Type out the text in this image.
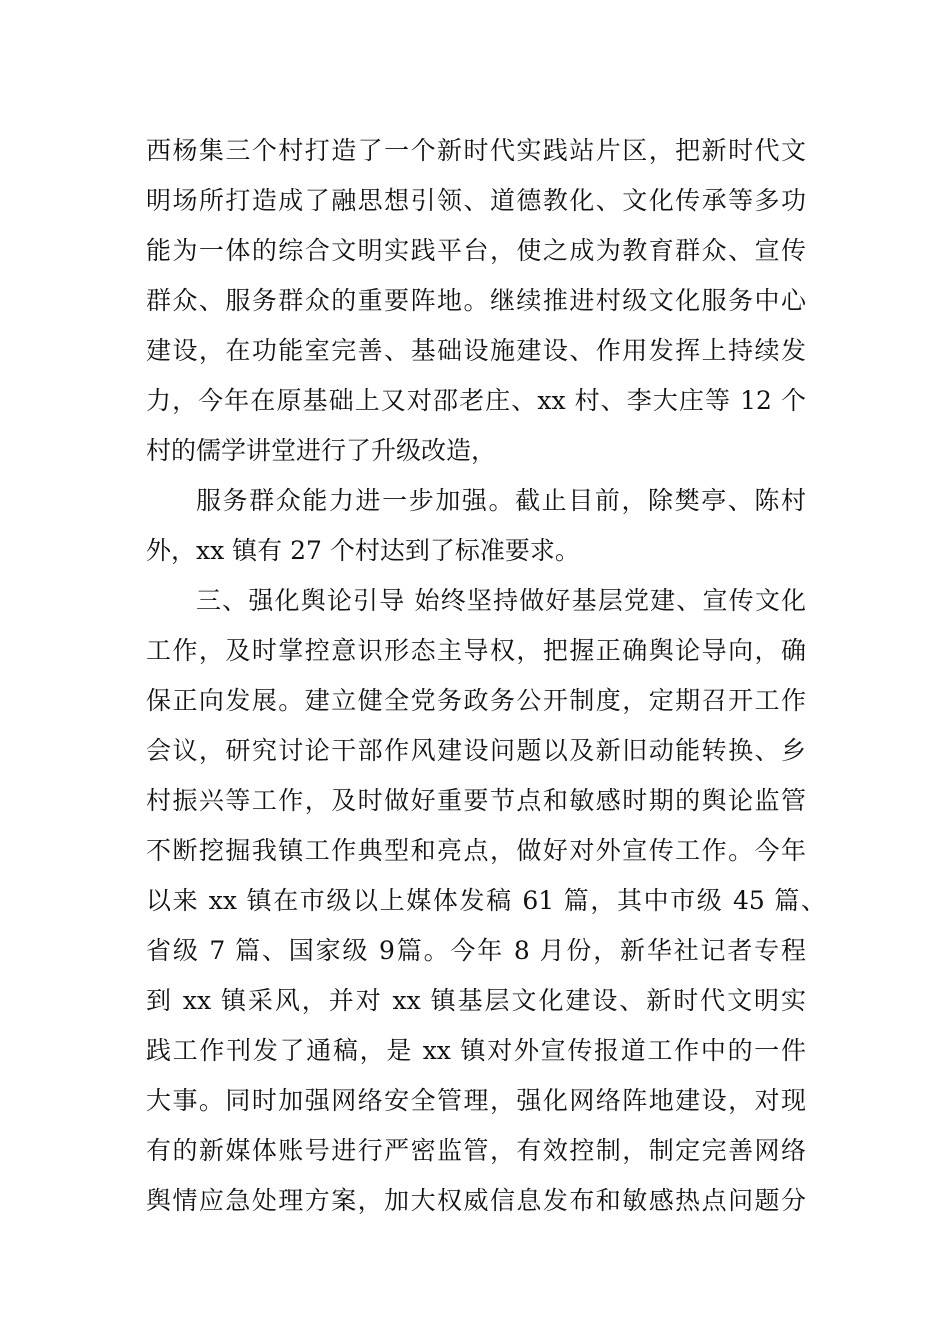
西杨集三个村打造了一个新时代实践站片区，把新时代文
明场所打造成了融思想引领、道德教化、文化传承等多功
能为一体的综合文明实践平台，使之成为教育群众、宣传
群众、服务群众的重要阵地。继续推进村级文化服务中心
建设，在功能室完善、基础设施建设、作用发挥上持续发
力，今年在原基础上又对邵老庄、xx 村、李大庄等 12 个
村的儒学讲堂进行了升级改造，
服务群众能力进一步加强。截止目前，除樊亭、陈村
外，xx 镇有 27 个村达到了标准要求。
三、强化舆论引导 始终坚持做好基层党建、宣传文化
工作，及时掌控意识形态主导权，把握正确舆论导向，确
保正向发展。建立健全党务政务公开制度，定期召开工作
会议，研究讨论干部作风建设问题以及新旧动能转换、乡
村振兴等工作，及时做好重要节点和敏感时期的舆论监管
不断挖掘我镇工作典型和亮点，做好对外宣传工作。今年
以来 xx 镇在市级以上媒体发稿 61 篇，其中市级 45 篇、
省级 7 篇、国家级 9篇。今年 8 月份，新华社记者专程
到 xx 镇采风，并对 xx 镇基层文化建设、新时代文明实
践工作刊发了通稿，是 xx 镇对外宣传报道工作中的一件
大事。同时加强网络安全管理，强化网络阵地建设，对现
有的新媒体账号进行严密监管，有效控制，制定完善网络
舆情应急处理方案，加大权威信息发布和敏感热点问题分
